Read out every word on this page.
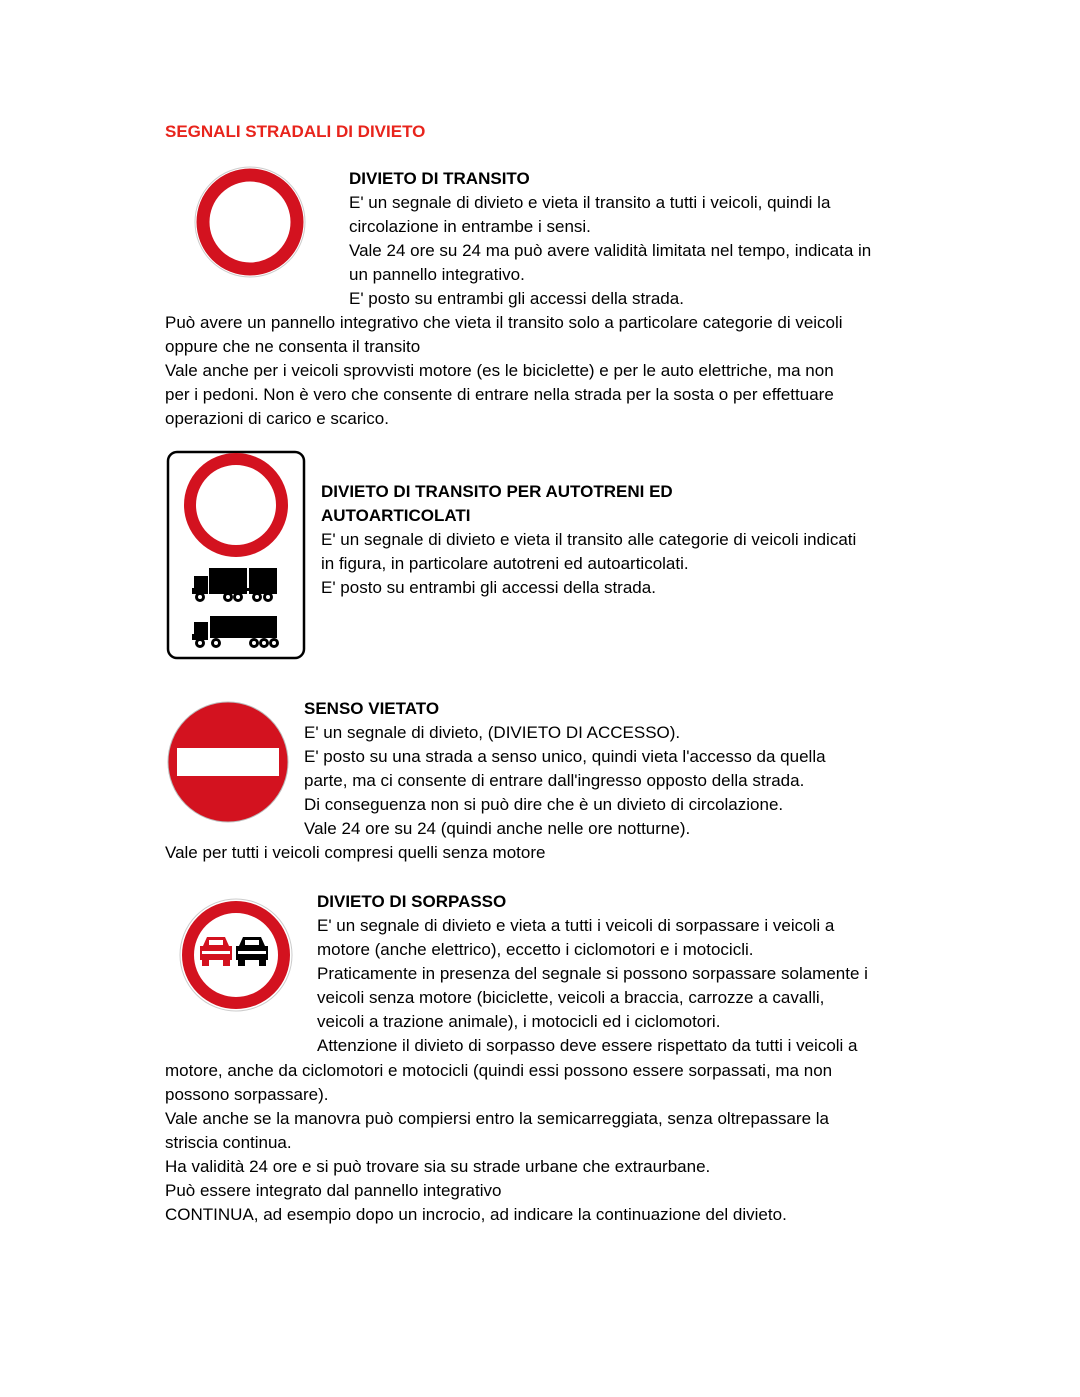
SEGNALI STRADALI DI DIVIETO
DIVIETO DI TRANSITO
E' un segnale di divieto e vieta il transito a tutti i veicoli, quindi la
circolazione in entrambe i sensi.
Vale 24 ore su 24 ma può avere validità limitata nel tempo, indicata in
un pannello integrativo.
E' posto su entrambi gli accessi della strada.
Può avere un pannello integrativo che vieta il transito solo a particolare categorie di veicoli
oppure che ne consenta il transito
Vale anche per i veicoli sprovvisti motore (es le biciclette) e per le auto elettriche, ma non
per i pedoni. Non è vero che consente di entrare nella strada per la sosta o per effettuare
operazioni di carico e scarico.
DIVIETO DI TRANSITO PER AUTOTRENI ED
AUTOARTICOLATI
E' un segnale di divieto e vieta il transito alle categorie di veicoli indicati
in figura, in particolare autotreni ed autoarticolati.
E' posto su entrambi gli accessi della strada.
SENSO VIETATO
E' un segnale di divieto, (DIVIETO DI ACCESSO).
E' posto su una strada a senso unico, quindi vieta l'accesso da quella
parte, ma ci consente di entrare dall'ingresso opposto della strada.
Di conseguenza non si può dire che è un divieto di circolazione.
Vale 24 ore su 24 (quindi anche nelle ore notturne).
Vale per tutti i veicoli compresi quelli senza motore
DIVIETO DI SORPASSO
E' un segnale di divieto e vieta a tutti i veicoli di sorpassare i veicoli a
motore (anche elettrico), eccetto i ciclomotori e i motocicli.
Praticamente in presenza del segnale si possono sorpassare solamente i
veicoli senza motore (biciclette, veicoli a braccia, carrozze a cavalli,
veicoli a trazione animale), i motocicli ed i ciclomotori.
Attenzione il divieto di sorpasso deve essere rispettato da tutti i veicoli a
motore, anche da ciclomotori e motocicli (quindi essi possono essere sorpassati, ma non
possono sorpassare).
Vale anche se la manovra può compiersi entro la semicarreggiata, senza oltrepassare la
striscia continua.
Ha validità 24 ore e si può trovare sia su strade urbane che extraurbane.
Può essere integrato dal pannello integrativo
CONTINUA, ad esempio dopo un incrocio, ad indicare la continuazione del divieto.
